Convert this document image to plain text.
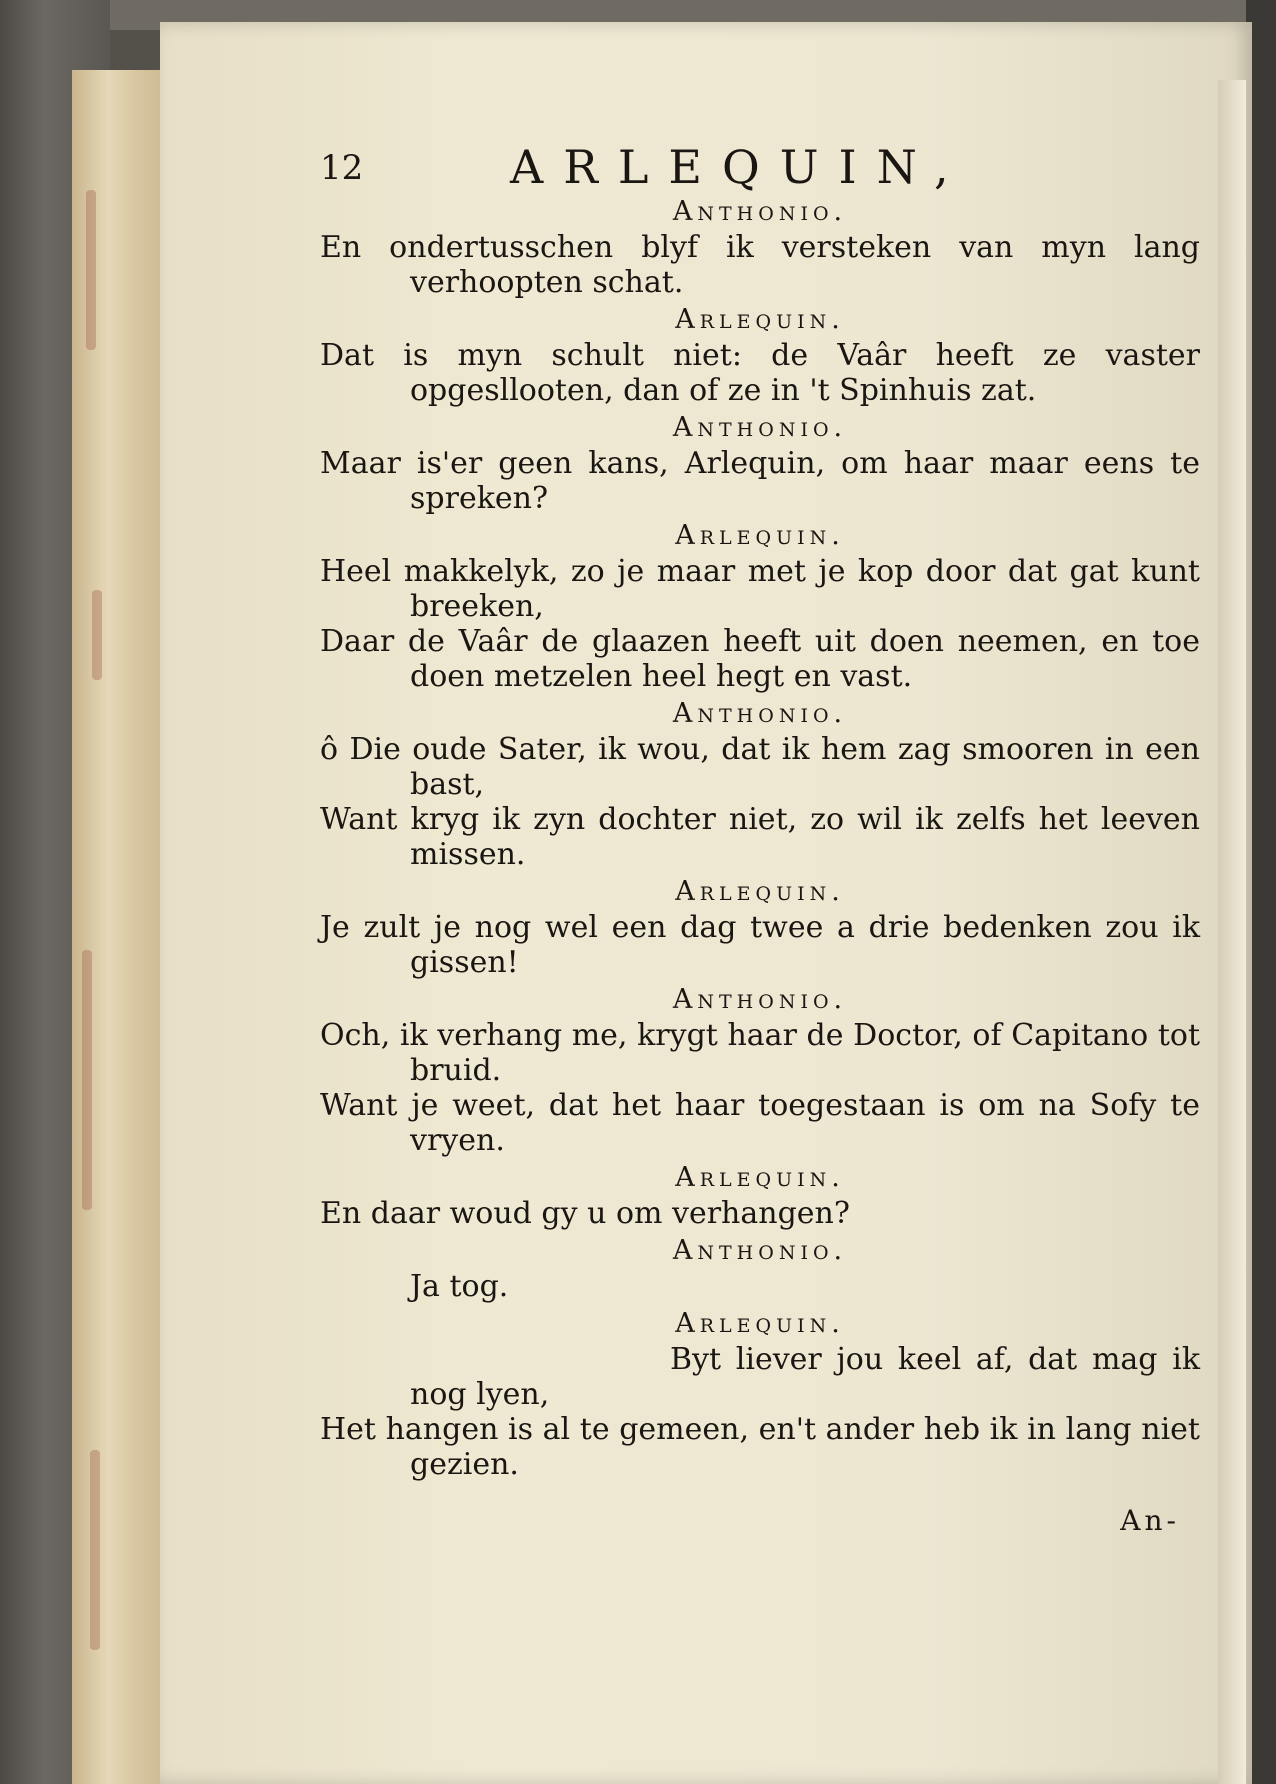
12	ARLEQUIN,
Anthonio.
En ondertusschen blyf ik versteken van myn lang verhoopten schat.
Arlequin.
Dat is myn schult niet: de Vaâr heeft ze vaster opgesllooten, dan of ze in 't Spinhuis zat.
Anthonio.
Maar is'er geen kans, Arlequin, om haar maar eens te spreken?
Arlequin.
Heel makkelyk, zo je maar met je kop door dat gat kunt breeken,
Daar de Vaâr de glaazen heeft uit doen neemen, en toe doen metzelen heel hegt en vast.
Anthonio.
ô Die oude Sater, ik wou, dat ik hem zag smooren in een bast,
Want kryg ik zyn dochter niet, zo wil ik zelfs het leeven missen.
Arlequin.
Je zult je nog wel een dag twee a drie bedenken zou ik gissen!
Anthonio.
Och, ik verhang me, krygt haar de Doctor, of Capitano tot bruid.
Want je weet, dat het haar toegestaan is om na Sofy te vryen.
Arlequin.
En daar woud gy u om verhangen?
Anthonio.
Ja tog.
Arlequin.
Byt liever jou keel af, dat mag ik nog lyen,
Het hangen is al te gemeen, en't ander heb ik in lang niet gezien.
An-
